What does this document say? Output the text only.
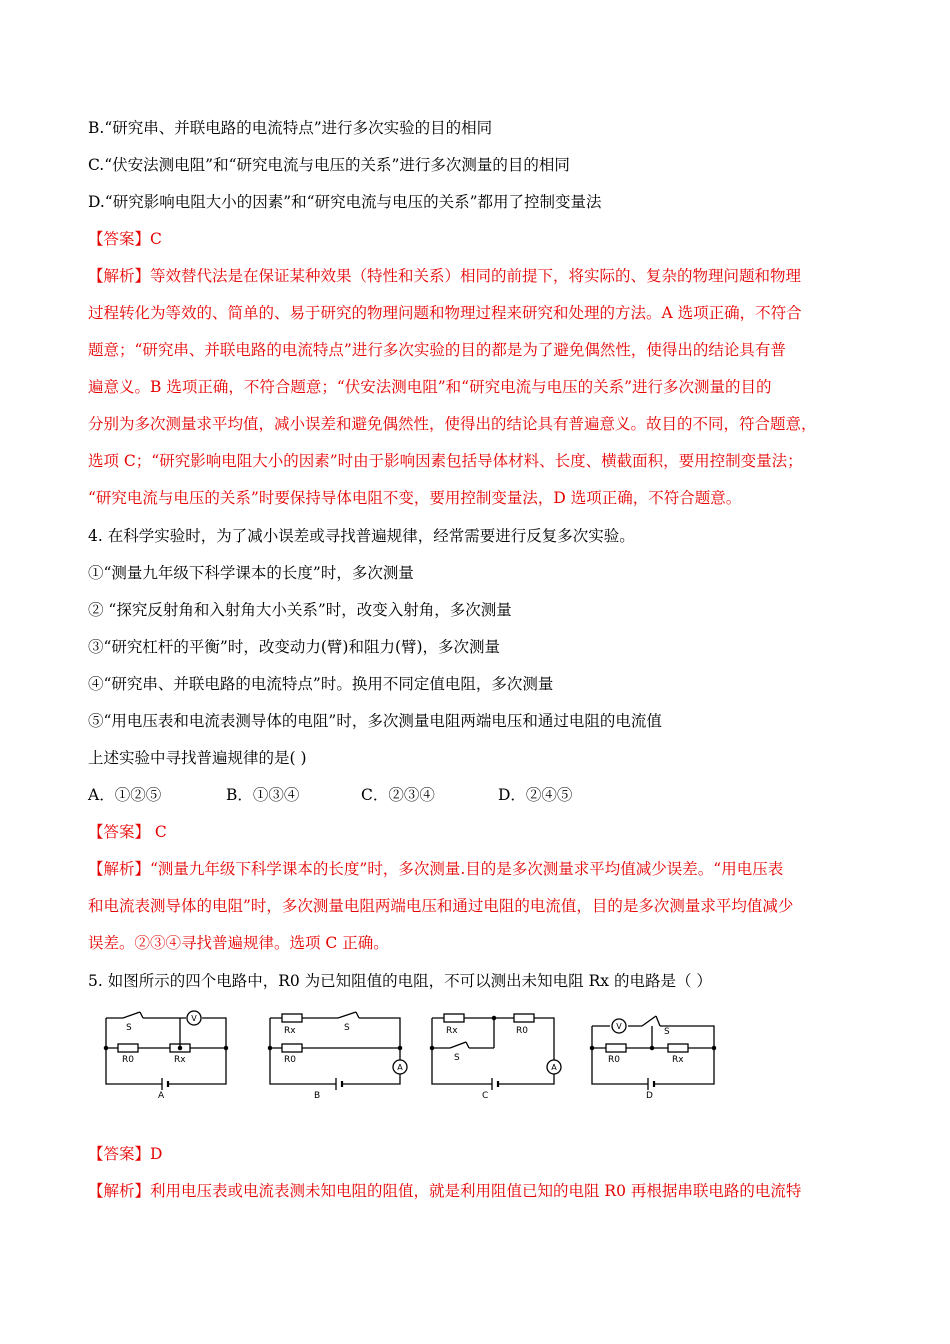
B.“研究串、并联电路的电流特点”进行多次实验的目的相同
C.“伏安法测电阻”和“研究电流与电压的关系”进行多次测量的目的相同
D.“研究影响电阻大小的因素”和“研究电流与电压的关系”都用了控制变量法
【答案】C
【解析】等效替代法是在保证某种效果（特性和关系）相同的前提下，将实际的、复杂的物理问题和物理
过程转化为等效的、简单的、易于研究的物理问题和物理过程来研究和处理的方法。A 选项正确，不符合
题意；“研究串、并联电路的电流特点”进行多次实验的目的都是为了避免偶然性，使得出的结论具有普
遍意义。B 选项正确，不符合题意；“伏安法测电阻”和“研究电流与电压的关系”进行多次测量的目的
分别为多次测量求平均值，减小误差和避免偶然性，使得出的结论具有普遍意义。故目的不同，符合题意，
选项 C；“研究影响电阻大小的因素”时由于影响因素包括导体材料、长度、横截面积，要用控制变量法；
“研究电流与电压的关系”时要保持导体电阻不变，要用控制变量法，D 选项正确，不符合题意。
4. 在科学实验时，为了减小误差或寻找普遍规律，经常需要进行反复多次实验。
①“测量九年级下科学课本的长度”时，多次测量
② “探究反射角和入射角大小关系”时，改变入射角，多次测量
③“研究杠杆的平衡”时，改变动力(臂)和阻力(臂)，多次测量
④“研究串、并联电路的电流特点”时。换用不同定值电阻，多次测量
⑤“用电压表和电流表测导体的电阻”时，多次测量电阻两端电压和通过电阻的电流值
上述实验中寻找普遍规律的是( )
A．①②⑤	B．①③④	C．②③④	D．②④⑤
【答案】 C
【解析】“测量九年级下科学课本的长度”时，多次测量.目的是多次测量求平均值减少误差。“用电压表
和电流表测导体的电阻”时，多次测量电阻两端电压和通过电阻的电流值，目的是多次测量求平均值减少
误差。②③④寻找普遍规律。选项 C 正确。
5. 如图所示的四个电路中，R0 为已知阻值的电阻，不可以测出未知电阻 Rx 的电路是（ ）
V
S
R0	Rx
A
A
Rx	S
R0
B
A
Rx	R0
S
C
V
S
R0	Rx
D
【答案】D
【解析】利用电压表或电流表测未知电阻的阻值，就是利用阻值已知的电阻 R0 再根据串联电路的电流特
